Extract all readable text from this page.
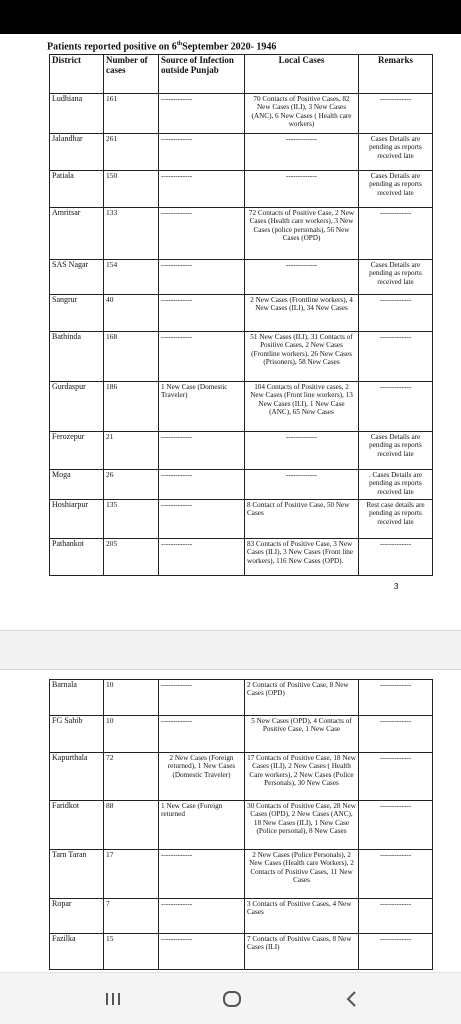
Patients reported positive on 6thSeptember 2020- 1946
District	Number of cases	Source of Infection outside Punjab	Local Cases	Remarks
Ludhiana	161	-------------	70 Contacts of Positive Cases, 82 New Cases (ILI), 3 New Cases (ANC), 6 New Cases ( Health care workers)	-------------
Jalandhar	261	-------------	-------------	Cases Details are pending as reports received late
Patiala	150	-------------	-------------	Cases Details are pending as reports received late
Amritsar	133	-------------	72 Contacts of Positive Case, 2 New Cases (Health care workers), 3 New Cases (police personals), 56 New Cases (OPD)	-------------
SAS Nagar	154	-------------	-------------	Cases Details are pending as reports received late
Sangrur	40	-------------	2 New Cases (Frontline workers), 4 New Cases (ILI), 34 New Cases	-------------
Bathinda	168	-------------	51 New Cases (ILI), 31 Contacts of Positive Cases, 2 New Cases (Frontline workers), 26 New Cases (Prisoners), 58 New Cases	-------------
Gurdaspur	186	1 New Case (Domestic Traveler)	104 Contacts of Positive cases, 2 New Cases (Front line workers), 13 New Cases (ILI), 1 New Case (ANC), 65 New Cases	-------------
Ferozepur	21	-------------	-------------	Cases Details are pending as reports received late
Moga	26	-------------	-------------	. Cases Details are pending as reports received late
Hoshiarpur	135	-------------	8 Contact of Positive Case, 50 New Cases	Rest case details are pending as reports received late
Pathankot	205	-------------	83 Contacts of Positive Case, 3 New Cases (ILI), 3 New Cases (Front line workers), 116 New Cases (OPD).	-------------
3
Barnala	10	-------------	2 Contacts of Positive Case, 8 New Cases (OPD)	-------------
FG Sahib	10	-------------	5 New Cases (OPD), 4 Contacts of Positive Case, 1 New Case	-------------
Kapurthala	72	2 New Cases (Foreign returned), 1 New Cases (Domestic Traveler)	17 Contacts of Positive Case, 18 New Cases (ILI), 2 New Cases ( Health Care workers), 2 New Cases (Police Personals), 30 New Cases	-------------
Faridkot	88	1 New Case (Foreign returned	30 Contacts of Positive Case, 28 New Cases (OPD), 2 New Cases (ANC), 18 New Cases (ILI), 1 New Case (Police personal), 8 New Cases	-------------
Tarn Taran	17	-------------	2 New Cases (Police Personals), 2 New Cases (Health care Workers), 2 Contacts of Positive Cases, 11 New Cases	-------------
Ropar	7	-------------	3 Contacts of Positive Cases, 4 New Cases	-------------
Fazilka	15	-------------	7 Contacts of Positive Cases, 8 New Cases (ILI)	-------------
